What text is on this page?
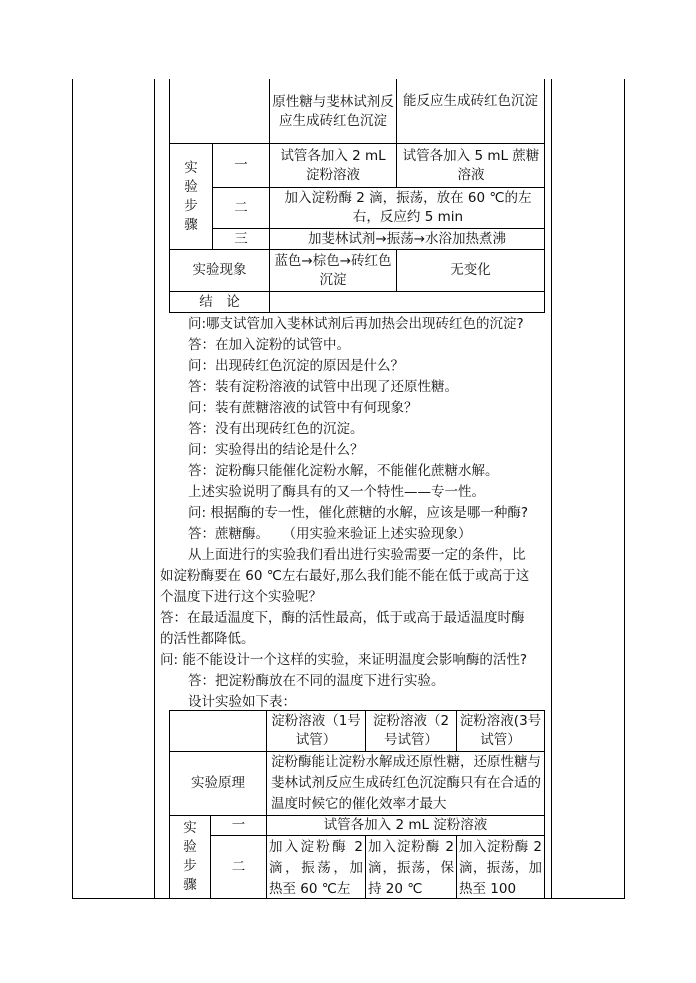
原性糖与斐林试剂反应生成砖红色沉淀
能反应生成砖红色沉淀
实验步骤
一
试管各加入 2 mL 淀粉溶液
试管各加入 5 mL 蔗糖溶液
二
加入淀粉酶 2 滴，振荡，放在 60 ℃的左右，反应约 5 min
三	加斐林试剂→振荡→水浴加热煮沸
实验现象
蓝色→棕色→砖红色沉淀
无变化
结　论
问:哪支试管加入斐林试剂后再加热会出现砖红色的沉淀?
答：在加入淀粉的试管中。
问：出现砖红色沉淀的原因是什么？
答：装有淀粉溶液的试管中出现了还原性糖。
问：装有蔗糖溶液的试管中有何现象？
答：没有出现砖红色的沉淀。
问：实验得出的结论是什么？
答：淀粉酶只能催化淀粉水解，不能催化蔗糖水解。
上述实验说明了酶具有的又一个特性——专一性。
问: 根据酶的专一性，催化蔗糖的水解，应该是哪一种酶?
答：蔗糖酶。　　（用实验来验证上述实验现象）
从上面进行的实验我们看出进行实验需要一定的条件，比
如淀粉酶要在 60 ℃左右最好,那么我们能不能在低于或高于这
个温度下进行这个实验呢？
答：在最适温度下，酶的活性最高，低于或高于最适温度时酶
的活性都降低。
问: 能不能设计一个这样的实验，来证明温度会影响酶的活性?
答：把淀粉酶放在不同的温度下进行实验。
设计实验如下表：
淀粉溶液（1号试管）
淀粉溶液（2号试管）
淀粉溶液(3号试管）
实验原理
淀粉酶能让淀粉水解成还原性糖，还原性糖与斐林试剂反应生成砖红色沉淀酶只有在合适的温度时候它的催化效率才最大
实验步骤
一	试管各加入 2 mL 淀粉溶液
二
加入淀粉酶 2 滴，振荡，加热至 60 ℃左
加入淀粉酶 2滴，振荡，保持 20 ℃
加入淀粉酶 2滴，振荡，加热至 100
